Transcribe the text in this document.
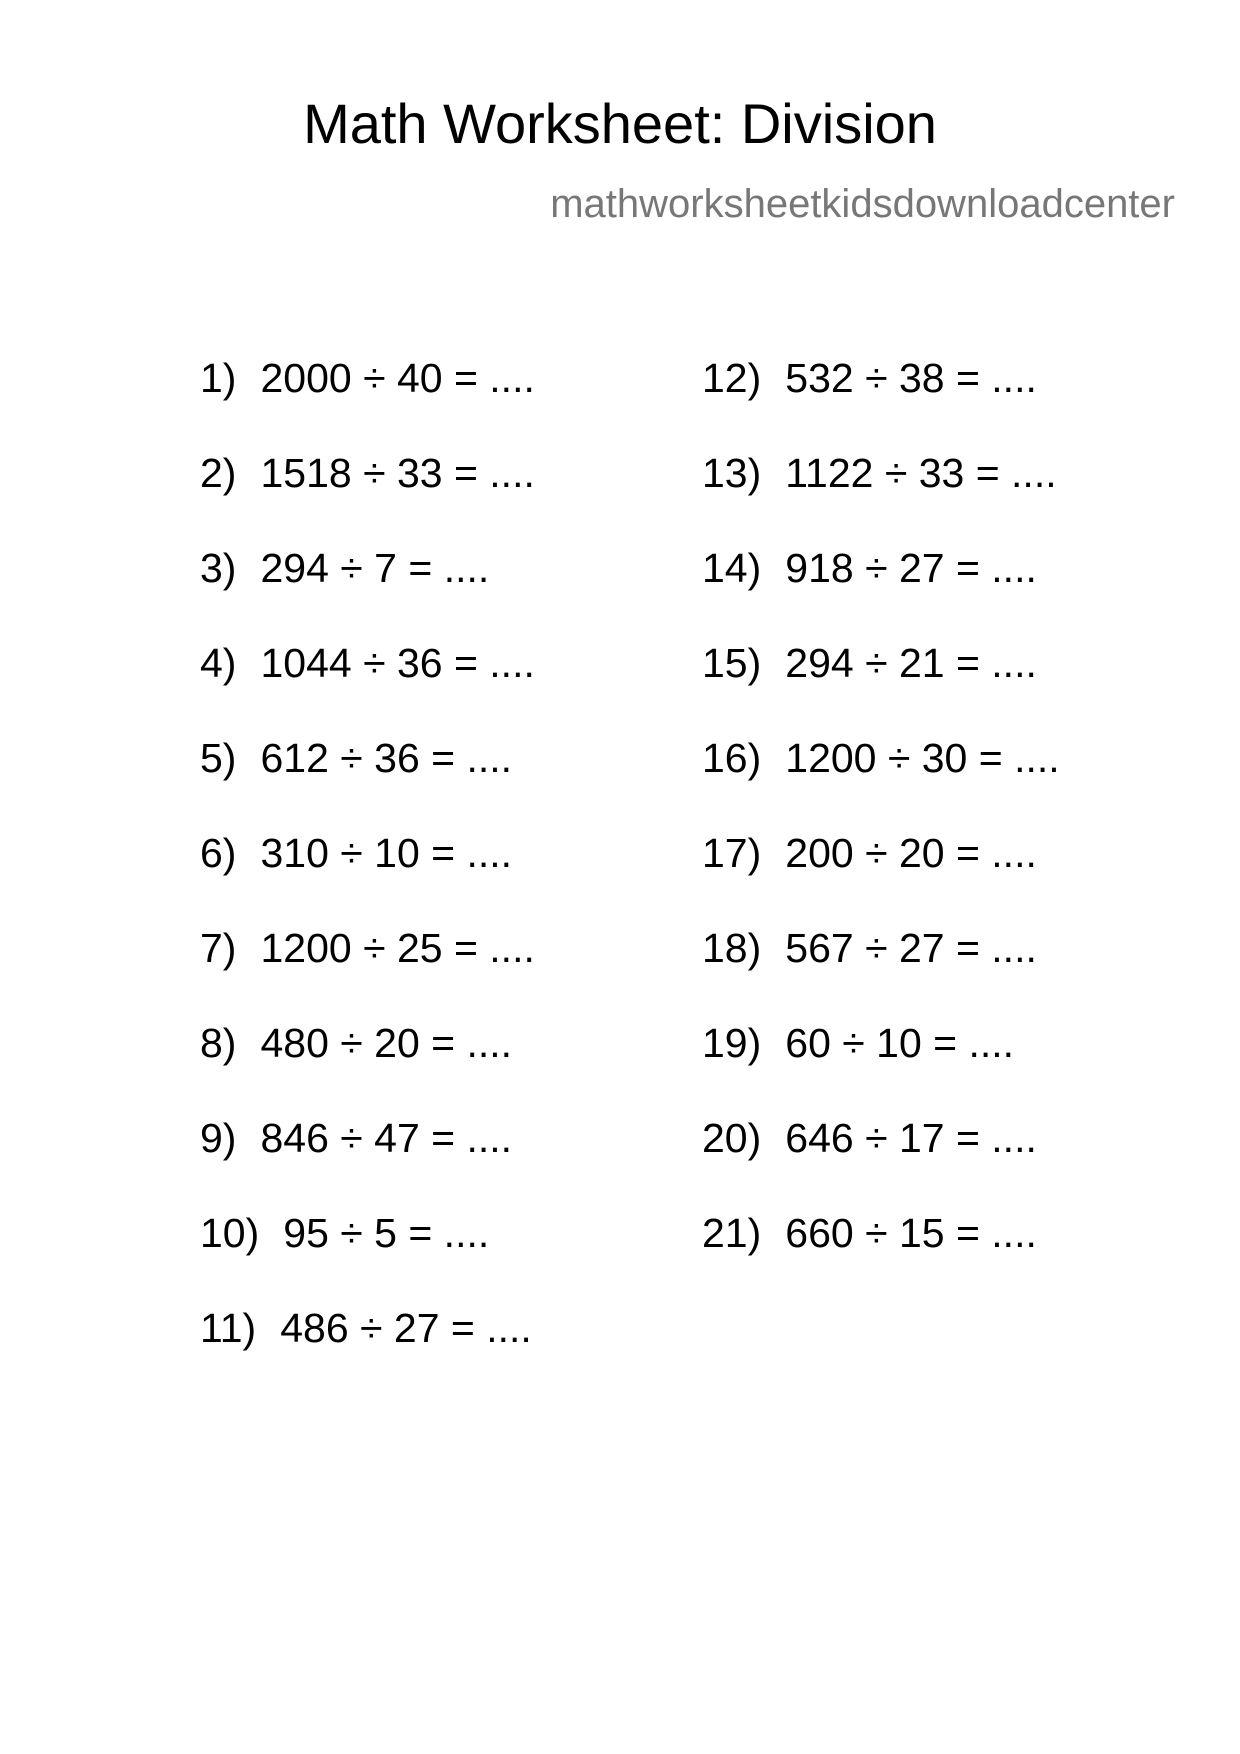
Math Worksheet: Division
mathworksheetkidsdownloadcenter
1) 2000 ÷ 40 = ....
2) 1518 ÷ 33 = ....
3) 294 ÷ 7 = ....
4) 1044 ÷ 36 = ....
5) 612 ÷ 36 = ....
6) 310 ÷ 10 = ....
7) 1200 ÷ 25 = ....
8) 480 ÷ 20 = ....
9) 846 ÷ 47 = ....
10) 95 ÷ 5 = ....
11) 486 ÷ 27 = ....
12) 532 ÷ 38 = ....
13) 1122 ÷ 33 = ....
14) 918 ÷ 27 = ....
15) 294 ÷ 21 = ....
16) 1200 ÷ 30 = ....
17) 200 ÷ 20 = ....
18) 567 ÷ 27 = ....
19) 60 ÷ 10 = ....
20) 646 ÷ 17 = ....
21) 660 ÷ 15 = ....
